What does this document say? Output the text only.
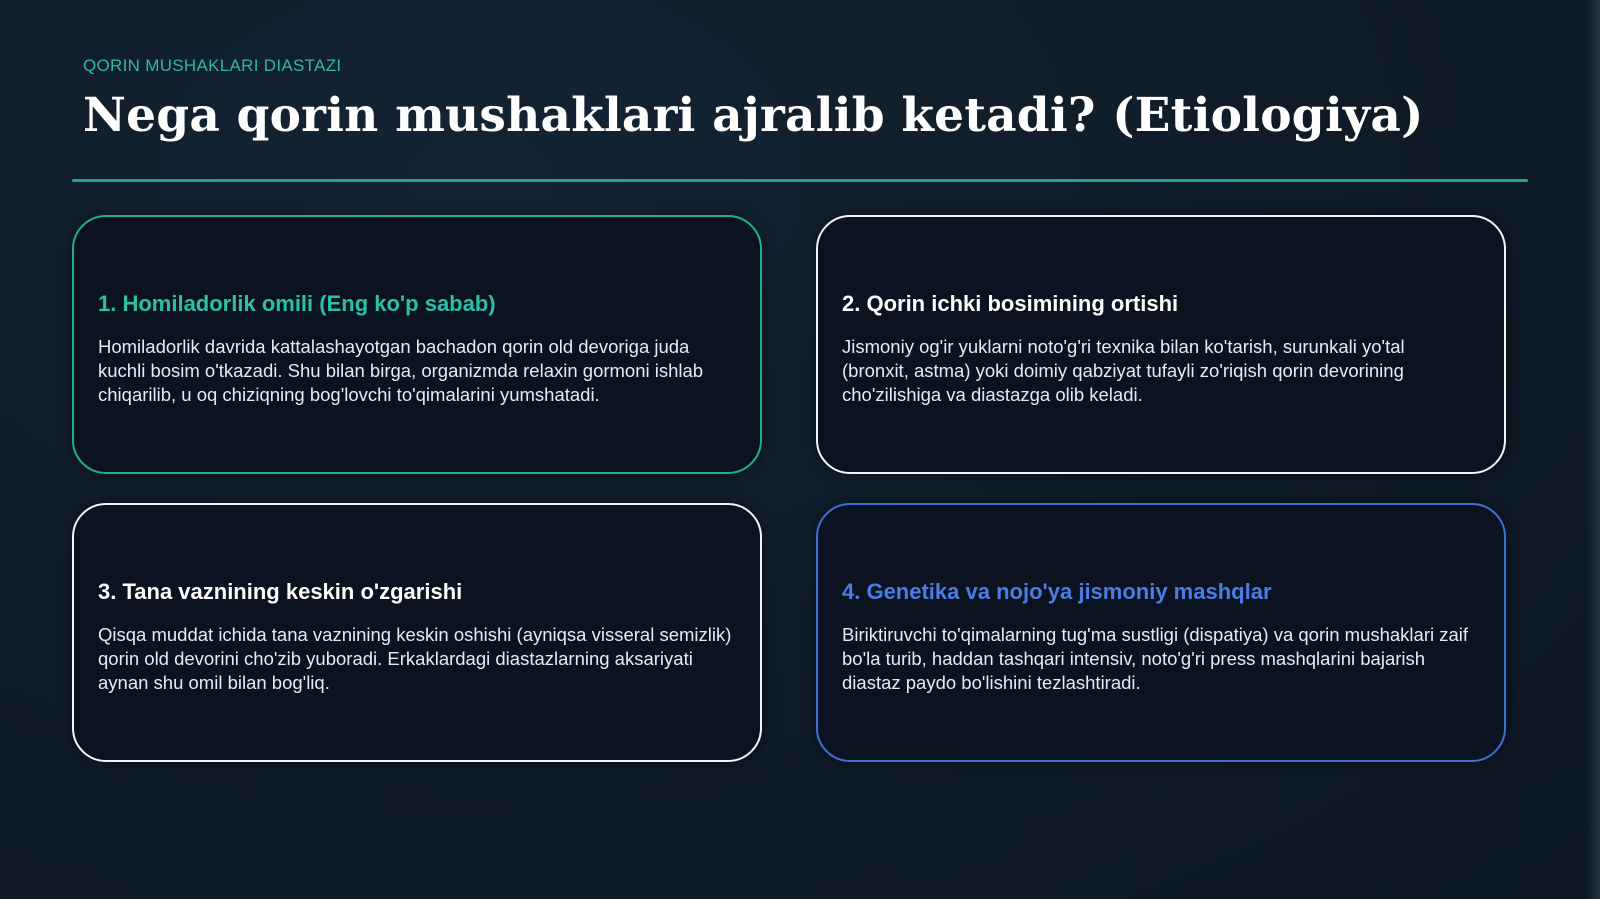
QORIN MUSHAKLARI DIASTAZI
Nega qorin mushaklari ajralib ketadi? (Etiologiya)
1. Homiladorlik omili (Eng ko'p sabab)
Homiladorlik davrida kattalashayotgan bachadon qorin old devoriga juda kuchli bosim o'tkazadi. Shu bilan birga, organizmda relaxin gormoni ishlab chiqarilib, u oq chiziqning bog'lovchi to'qimalarini yumshatadi.
2. Qorin ichki bosimining ortishi
Jismoniy og'ir yuklarni noto'g'ri texnika bilan ko'tarish, surunkali yo'tal (bronxit, astma) yoki doimiy qabziyat tufayli zo'riqish qorin devorining cho'zilishiga va diastazga olib keladi.
3. Tana vaznining keskin o'zgarishi
Qisqa muddat ichida tana vaznining keskin oshishi (ayniqsa visseral semizlik) qorin old devorini cho'zib yuboradi. Erkaklardagi diastazlarning aksariyati aynan shu omil bilan bog'liq.
4. Genetika va nojo'ya jismoniy mashqlar
Biriktiruvchi to'qimalarning tug'ma sustligi (dispatiya) va qorin mushaklari zaif bo'la turib, haddan tashqari intensiv, noto'g'ri press mashqlarini bajarish diastaz paydo bo'lishini tezlashtiradi.
